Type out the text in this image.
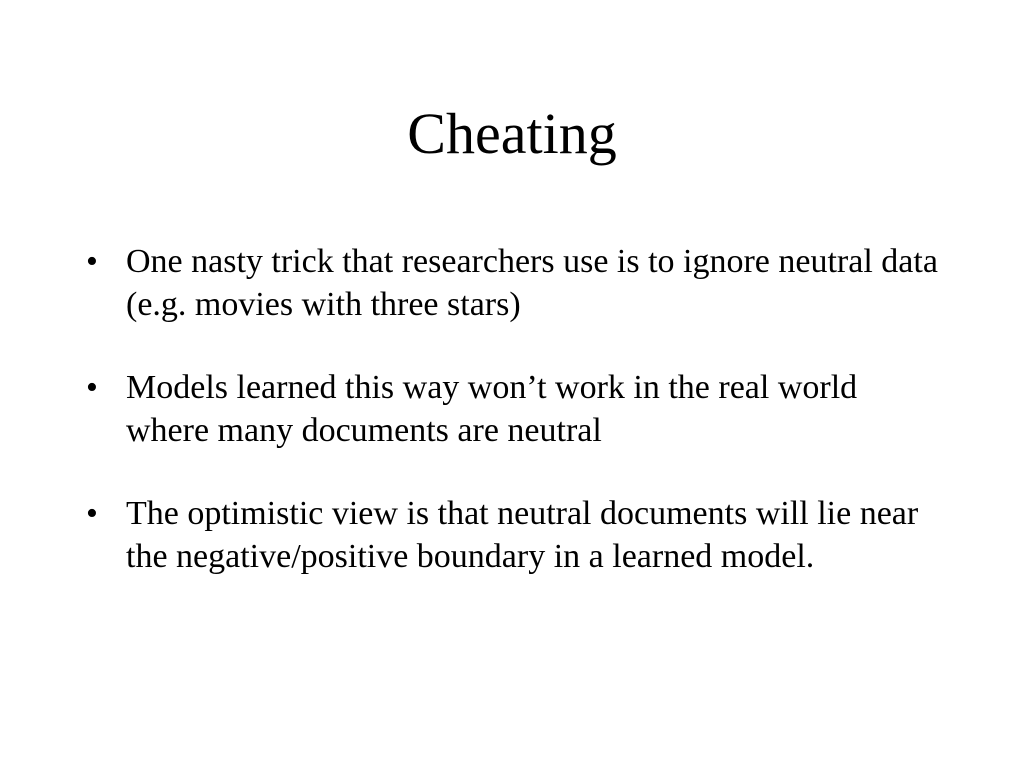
Cheating
• One nasty trick that researchers use is to ignore neutral data (e.g. movies with three stars)
• Models learned this way won’t work in the real world where many documents are neutral
• The optimistic view is that neutral documents will lie near the negative/positive boundary in a learned model.
